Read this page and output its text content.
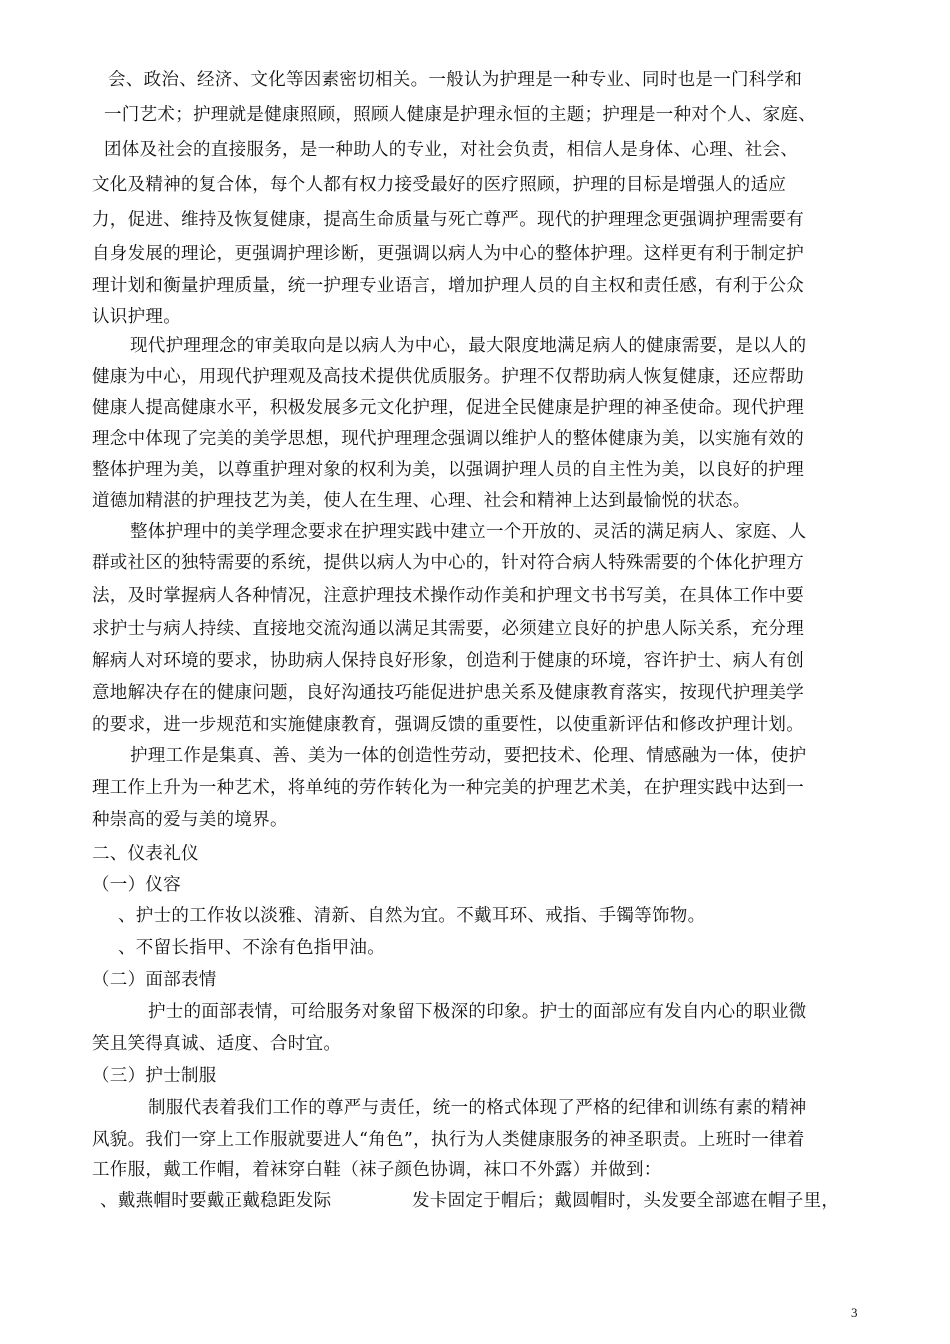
会、政治、经济、文化等因素密切相关。一般认为护理是一种专业、同时也是一门科学和
一门艺术；护理就是健康照顾，照顾人健康是护理永恒的主题；护理是一种对个人、家庭、
团体及社会的直接服务，是一种助人的专业，对社会负责，相信人是身体、心理、社会、
文化及精神的复合体，每个人都有权力接受最好的医疗照顾，护理的目标是增强人的适应
力，促进、维持及恢复健康，提高生命质量与死亡尊严。现代的护理理念更强调护理需要有
自身发展的理论，更强调护理诊断，更强调以病人为中心的整体护理。这样更有利于制定护
理计划和衡量护理质量，统一护理专业语言，增加护理人员的自主权和责任感，有利于公众
认识护理。
现代护理理念的审美取向是以病人为中心，最大限度地满足病人的健康需要，是以人的
健康为中心，用现代护理观及高技术提供优质服务。护理不仅帮助病人恢复健康，还应帮助
健康人提高健康水平，积极发展多元文化护理，促进全民健康是护理的神圣使命。现代护理
理念中体现了完美的美学思想，现代护理理念强调以维护人的整体健康为美，以实施有效的
整体护理为美，以尊重护理对象的权利为美，以强调护理人员的自主性为美，以良好的护理
道德加精湛的护理技艺为美，使人在生理、心理、社会和精神上达到最愉悦的状态。
整体护理中的美学理念要求在护理实践中建立一个开放的、灵活的满足病人、家庭、人
群或社区的独特需要的系统，提供以病人为中心的，针对符合病人特殊需要的个体化护理方
法，及时掌握病人各种情况，注意护理技术操作动作美和护理文书书写美，在具体工作中要
求护士与病人持续、直接地交流沟通以满足其需要，必须建立良好的护患人际关系，充分理
解病人对环境的要求，协助病人保持良好形象，创造利于健康的环境，容许护士、病人有创
意地解决存在的健康问题，良好沟通技巧能促进护患关系及健康教育落实，按现代护理美学
的要求，进一步规范和实施健康教育，强调反馈的重要性，以使重新评估和修改护理计划。
护理工作是集真、善、美为一体的创造性劳动，要把技术、伦理、情感融为一体，使护
理工作上升为一种艺术，将单纯的劳作转化为一种完美的护理艺术美，在护理实践中达到一
种崇高的爱与美的境界。
二、仪表礼仪
（一）仪容
、护士的工作妆以淡雅、清新、自然为宜。不戴耳环、戒指、手镯等饰物。
、不留长指甲、不涂有色指甲油。
（二）面部表情
护士的面部表情，可给服务对象留下极深的印象。护士的面部应有发自内心的职业微
笑且笑得真诚、适度、合时宜。
（三）护士制服
制服代表着我们工作的尊严与责任，统一的格式体现了严格的纪律和训练有素的精神
风貌。我们一穿上工作服就要进人“角色”，执行为人类健康服务的神圣职责。上班时一律着
工作服，戴工作帽，着袜穿白鞋（袜子颜色协调，袜口不外露）并做到：
、戴燕帽时要戴正戴稳距发际	发卡固定于帽后；戴圆帽时，头发要全部遮在帽子里，
3
